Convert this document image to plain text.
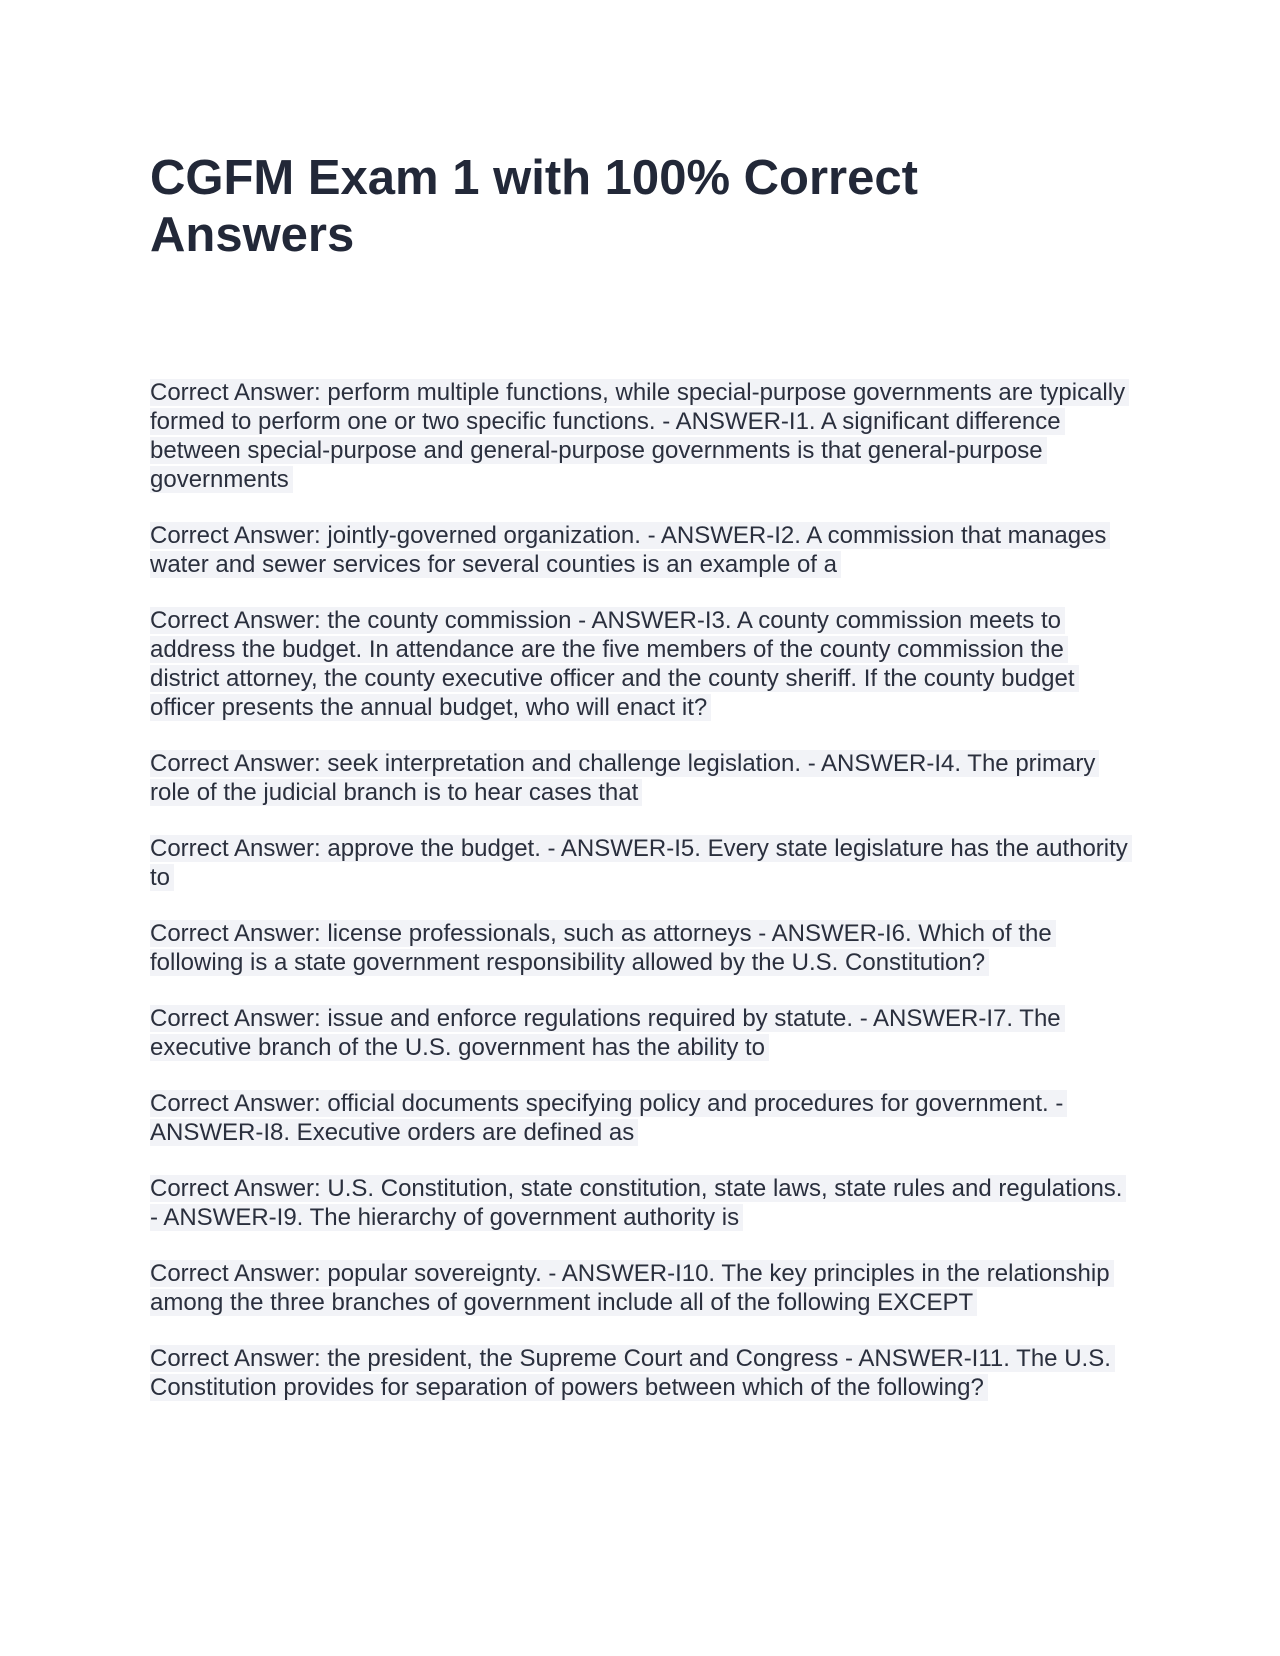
CGFM Exam 1 with 100% Correct Answers

Correct Answer: perform multiple functions, while special-purpose governments are typically formed to perform one or two specific functions. - ANSWER-I1. A significant difference between special-purpose and general-purpose governments is that general-purpose governments

Correct Answer: jointly-governed organization. - ANSWER-I2. A commission that manages water and sewer services for several counties is an example of a

Correct Answer: the county commission - ANSWER-I3. A county commission meets to address the budget. In attendance are the five members of the county commission the district attorney, the county executive officer and the county sheriff. If the county budget officer presents the annual budget, who will enact it?

Correct Answer: seek interpretation and challenge legislation. - ANSWER-I4. The primary role of the judicial branch is to hear cases that

Correct Answer: approve the budget. - ANSWER-I5. Every state legislature has the authority to

Correct Answer: license professionals, such as attorneys - ANSWER-I6. Which of the following is a state government responsibility allowed by the U.S. Constitution?

Correct Answer: issue and enforce regulations required by statute. - ANSWER-I7. The executive branch of the U.S. government has the ability to

Correct Answer: official documents specifying policy and procedures for government. - ANSWER-I8. Executive orders are defined as

Correct Answer: U.S. Constitution, state constitution, state laws, state rules and regulations. - ANSWER-I9. The hierarchy of government authority is

Correct Answer: popular sovereignty. - ANSWER-I10. The key principles in the relationship among the three branches of government include all of the following EXCEPT

Correct Answer: the president, the Supreme Court and Congress - ANSWER-I11. The U.S. Constitution provides for separation of powers between which of the following?
